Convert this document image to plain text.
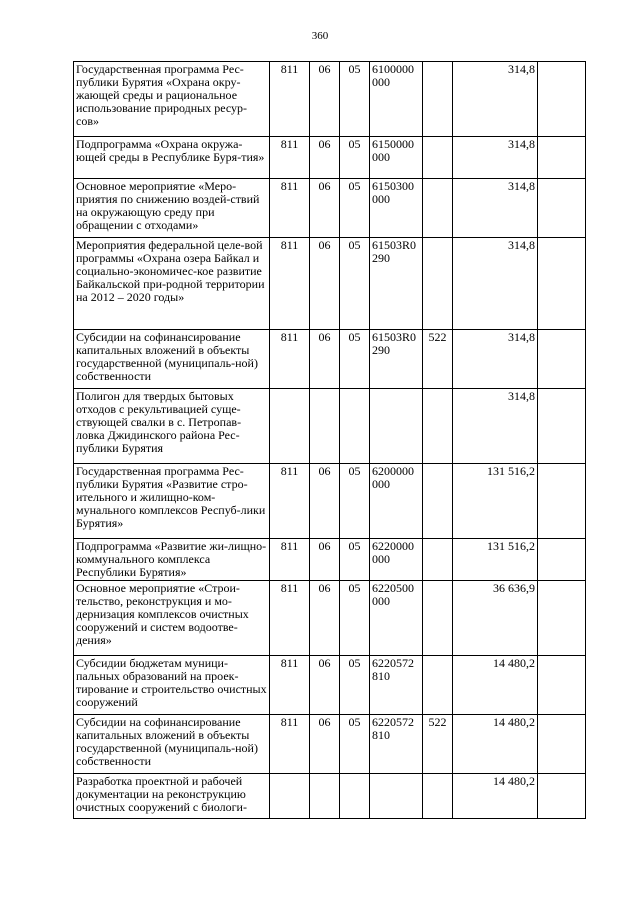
360
Государственная программа Рес-публики Бурятия «Охрана окру-жающей среды и рациональное использование природных ресур-сов»	811	06	05	6100000 000		314,8	
Подпрограмма «Охрана окружа-ющей среды в Республике Буря-тия»	811	06	05	6150000 000		314,8	
Основное мероприятие «Меро-приятия по снижению воздей-ствий на окружающую среду при обращении с отходами»	811	06	05	6150300 000		314,8	
Мероприятия федеральной целе-вой программы «Охрана озера Байкал и социально-экономичес-кое развитие Байкальской при-родной территории на 2012 – 2020 годы»	811	06	05	61503R0 290		314,8	
Субсидии на софинансирование капитальных вложений в объекты государственной (муниципаль-ной) собственности	811	06	05	61503R0 290	522	314,8	
Полигон для твердых бытовых отходов с рекультивацией суще-ствующей свалки в с. Петропав-ловка Джидинского района Рес-публики Бурятия						314,8	
Государственная программа Рес-публики Бурятия «Развитие стро-ительного и жилищно-ком-мунального комплексов Респуб-лики Бурятия»	811	06	05	6200000 000		131 516,2	
Подпрограмма «Развитие жи-лищно-коммунального комплекса Республики Бурятия»	811	06	05	6220000 000		131 516,2	
Основное мероприятие «Строи-тельство, реконструкция и мо-дернизация комплексов очистных сооружений и систем водоотве-дения»	811	06	05	6220500 000		36 636,9	
Субсидии бюджетам муници-пальных образований на проек-тирование и строительство очистных сооружений	811	06	05	6220572 810		14 480,2	
Субсидии на софинансирование капитальных вложений в объекты государственной (муниципаль-ной) собственности	811	06	05	6220572 810	522	14 480,2	
Разработка проектной и рабочей документации на реконструкцию очистных сооружений с биологи-						14 480,2	
